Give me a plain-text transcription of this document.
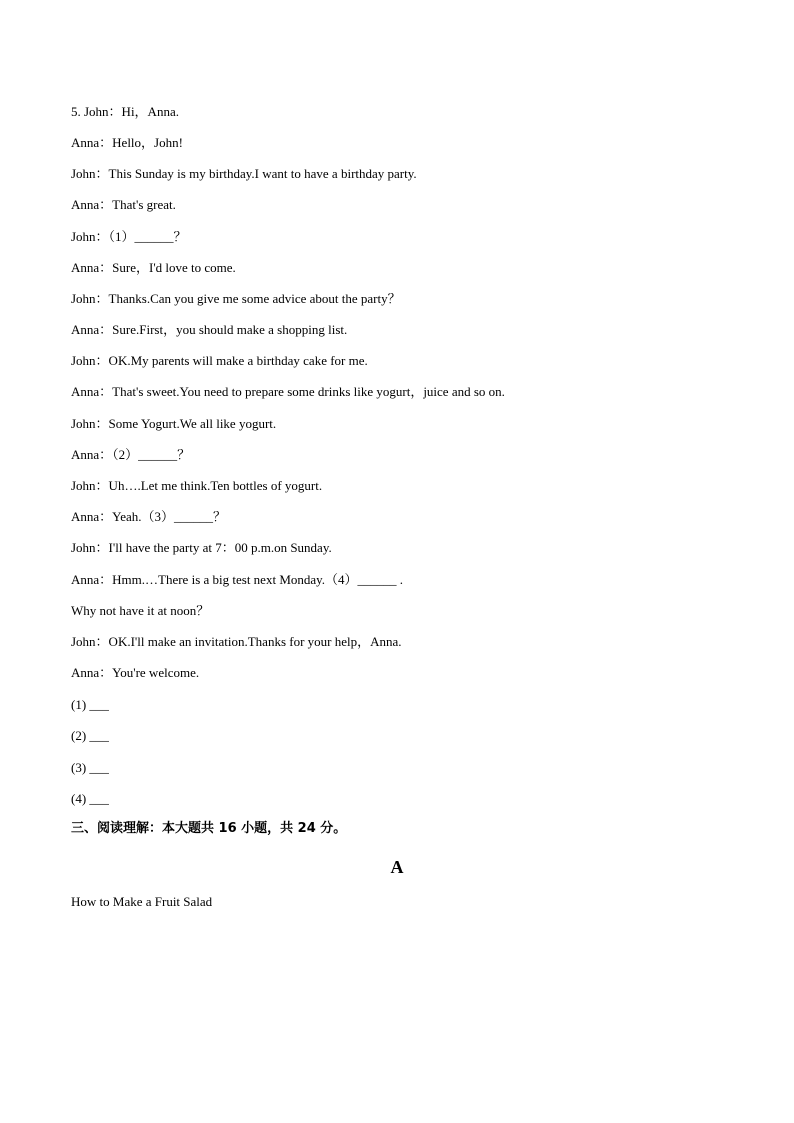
5. John：Hi，Anna.
Anna：Hello，John!
John：This Sunday is my birthday.I want to have a birthday party.
Anna：That's great.
John：（1）______？
Anna：Sure，I'd love to come.
John：Thanks.Can you give me some advice about the party？
Anna：Sure.First，you should make a shopping list.
John：OK.My parents will make a birthday cake for me.
Anna：That's sweet.You need to prepare some drinks like yogurt，juice and so on.
John：Some Yogurt.We all like yogurt.
Anna：（2）______？
John：Uh….Let me think.Ten bottles of yogurt.
Anna：Yeah.（3）______？
John：I'll have the party at 7：00 p.m.on Sunday.
Anna：Hmm.…There is a big test next Monday.（4）______ .
Why not have it at noon？
John：OK.I'll make an invitation.Thanks for your help，Anna.
Anna：You're welcome.
(1) ___
(2) ___
(3) ___
(4) ___
三、阅读理解：本大题共 16 小题，共 24 分。
A
How to Make a Fruit Salad
